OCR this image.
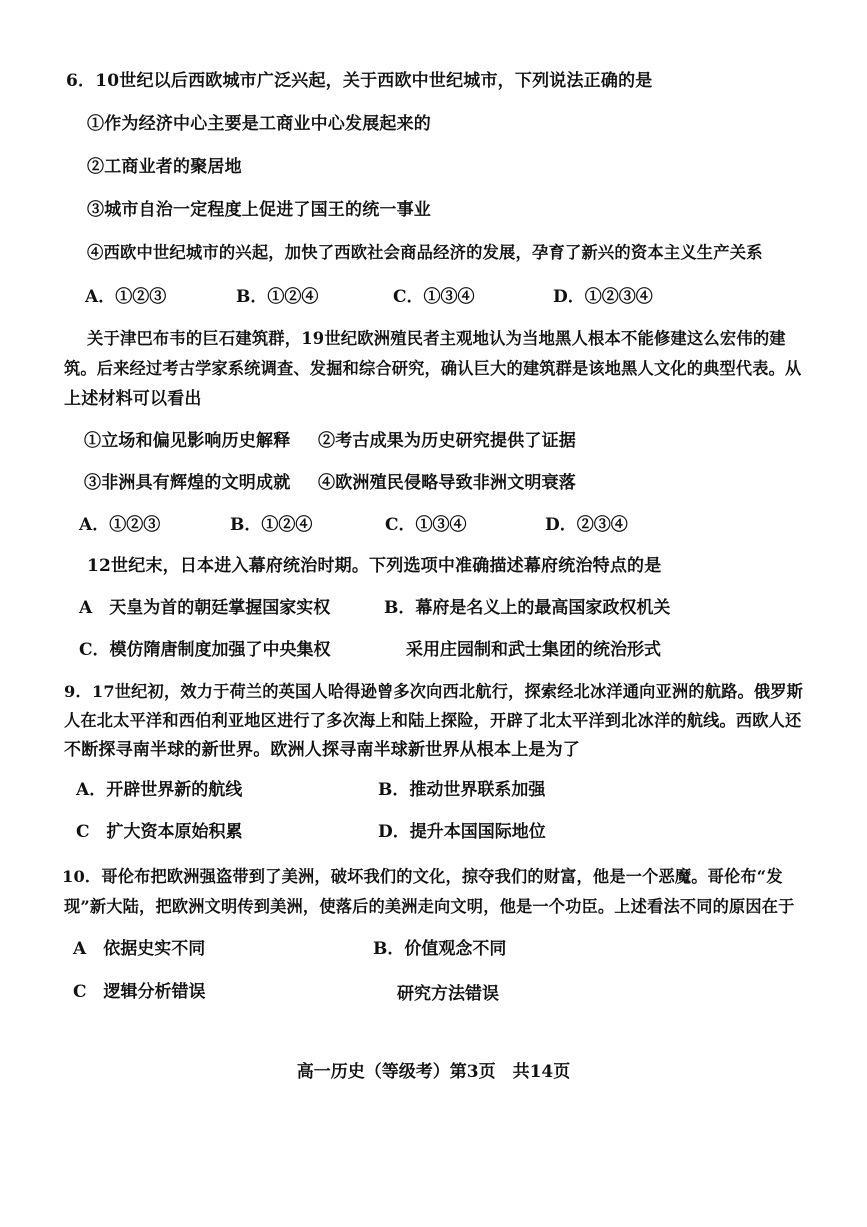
6．10世纪以后西欧城市广泛兴起，关于西欧中世纪城市，下列说法正确的是
①作为经济中心主要是工商业中心发展起来的
②工商业者的聚居地
③城市自治一定程度上促进了国王的统一事业
④西欧中世纪城市的兴起，加快了西欧社会商品经济的发展，孕育了新兴的资本主义生产关系
A．①②③	B．①②④	C．①③④	D．①②③④
关于津巴布韦的巨石建筑群，19世纪欧洲殖民者主观地认为当地黑人根本不能修建这么宏伟的建
筑。后来经过考古学家系统调查、发掘和综合研究，确认巨大的建筑群是该地黑人文化的典型代表。从
上述材料可以看出
①立场和偏见影响历史解释 ②考古成果为历史研究提供了证据
③非洲具有辉煌的文明成就 ④欧洲殖民侵略导致非洲文明衰落
A．①②③	B．①②④	C．①③④	D．②③④
12世纪末，日本进入幕府统治时期。下列选项中准确描述幕府统治特点的是
A　天皇为首的朝廷掌握国家实权	B．幕府是名义上的最高国家政权机关
C．模仿隋唐制度加强了中央集权	采用庄园制和武士集团的统治形式
9．17世纪初，效力于荷兰的英国人哈得逊曾多次向西北航行，探索经北冰洋通向亚洲的航路。俄罗斯
人在北太平洋和西伯利亚地区进行了多次海上和陆上探险，开辟了北太平洋到北冰洋的航线。西欧人还
不断探寻南半球的新世界。欧洲人探寻南半球新世界从根本上是为了
A．开辟世界新的航线	B．推动世界联系加强
C　扩大资本原始积累	D．提升本国国际地位
10．哥伦布把欧洲强盗带到了美洲，破坏我们的文化，掠夺我们的财富，他是一个恶魔。哥伦布“发
现”新大陆，把欧洲文明传到美洲，使落后的美洲走向文明，他是一个功臣。上述看法不同的原因在于
A　依据史实不同	B．价值观念不同
C　逻辑分析错误	研究方法错误
高一历史（等级考）第3页　共14页
